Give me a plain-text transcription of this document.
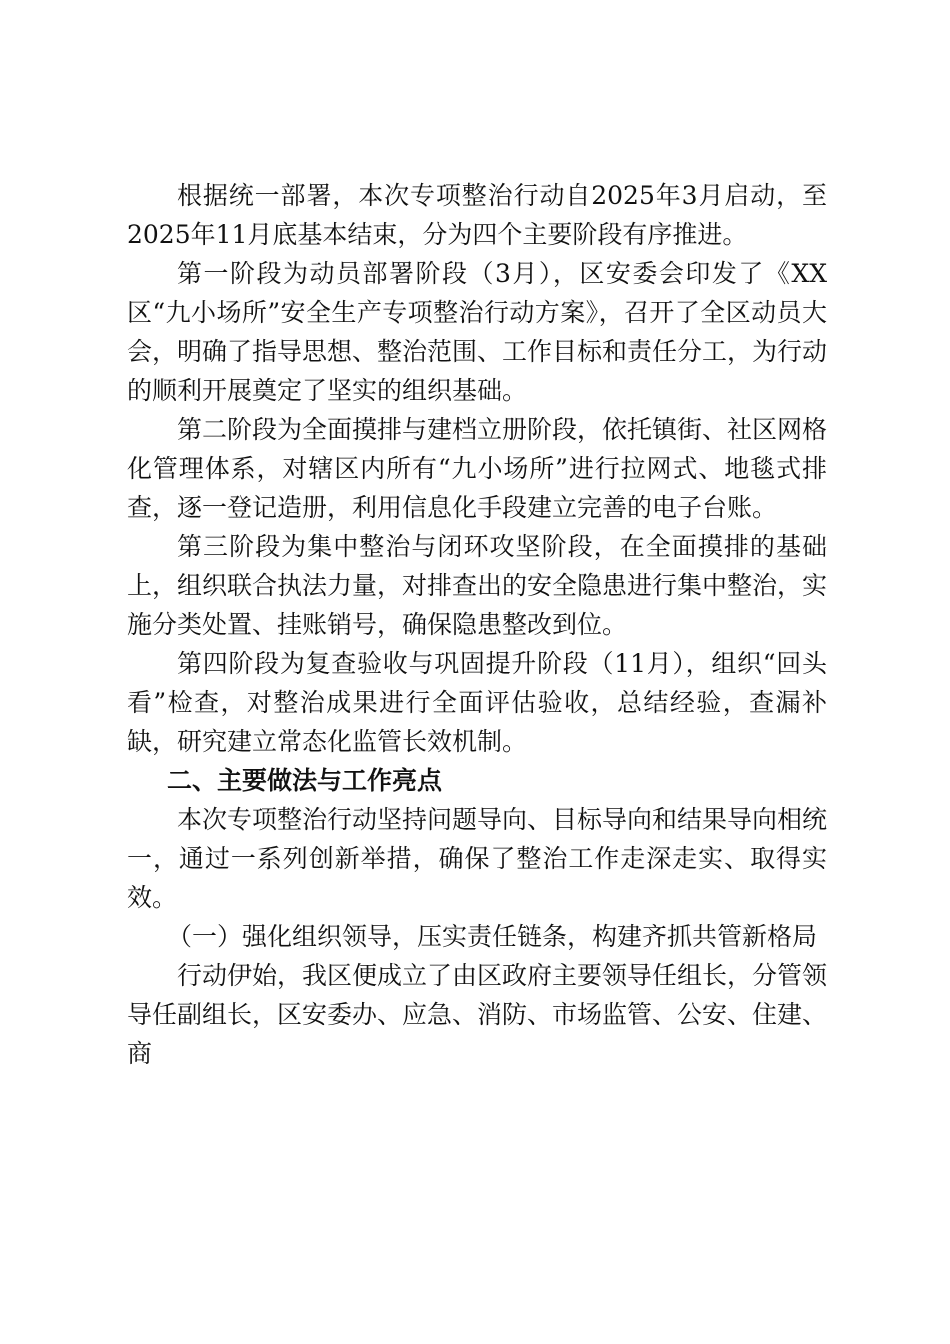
根据统一部署，本次专项整治行动自2025年3月启动，至2025年11月底基本结束，分为四个主要阶段有序推进。

第一阶段为动员部署阶段（3月），区安委会印发了《XX区“九小场所”安全生产专项整治行动方案》，召开了全区动员大会，明确了指导思想、整治范围、工作目标和责任分工，为行动的顺利开展奠定了坚实的组织基础。

第二阶段为全面摸排与建档立册阶段，依托镇街、社区网格化管理体系，对辖区内所有“九小场所”进行拉网式、地毯式排查，逐一登记造册，利用信息化手段建立完善的电子台账。

第三阶段为集中整治与闭环攻坚阶段，在全面摸排的基础上，组织联合执法力量，对排查出的安全隐患进行集中整治，实施分类处置、挂账销号，确保隐患整改到位。

第四阶段为复查验收与巩固提升阶段（11月），组织“回头看”检查，对整治成果进行全面评估验收，总结经验，查漏补缺，研究建立常态化监管长效机制。

二、主要做法与工作亮点

本次专项整治行动坚持问题导向、目标导向和结果导向相统一，通过一系列创新举措，确保了整治工作走深走实、取得实效。

（一）强化组织领导，压实责任链条，构建齐抓共管新格局

行动伊始，我区便成立了由区政府主要领导任组长，分管领导任副组长，区安委办、应急、消防、市场监管、公安、住建、商
